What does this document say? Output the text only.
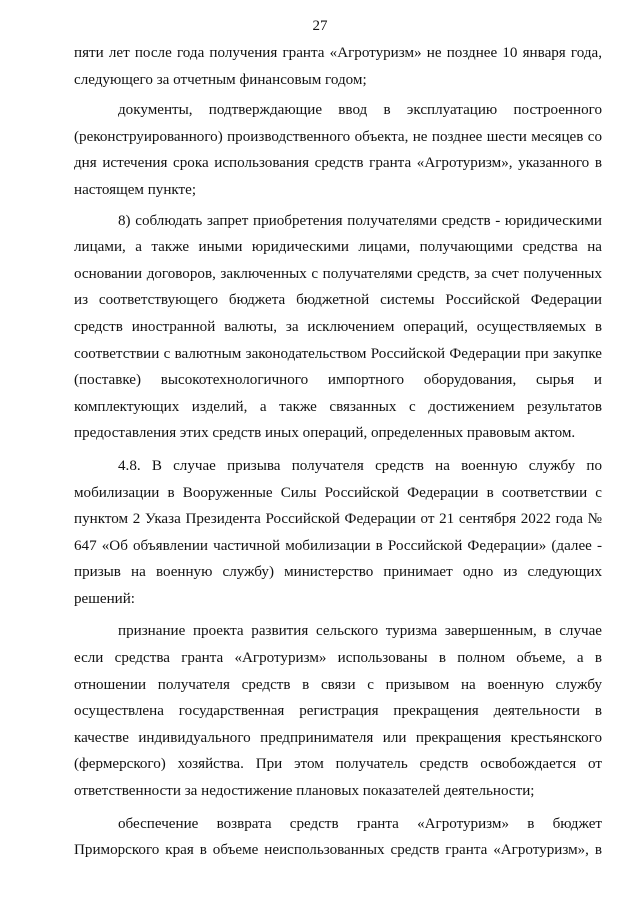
27

пяти лет после года получения гранта «Агротуризм» не позднее 10 января года, следующего за отчетным финансовым годом;

документы, подтверждающие ввод в эксплуатацию построенного (реконструированного) производственного объекта, не позднее шести месяцев со дня истечения срока использования средств гранта «Агротуризм», указанного в настоящем пункте;

8) соблюдать запрет приобретения получателями средств - юридическими лицами, а также иными юридическими лицами, получающими средства на основании договоров, заключенных с получателями средств, за счет полученных из соответствующего бюджета бюджетной системы Российской Федерации средств иностранной валюты, за исключением операций, осуществляемых в соответствии с валютным законодательством Российской Федерации при закупке (поставке) высокотехнологичного импортного оборудования, сырья и комплектующих изделий, а также связанных с достижением результатов предоставления этих средств иных операций, определенных правовым актом.

4.8. В случае призыва получателя средств на военную службу по мобилизации в Вооруженные Силы Российской Федерации в соответствии с пунктом 2 Указа Президента Российской Федерации от 21 сентября 2022 года № 647 «Об объявлении частичной мобилизации в Российской Федерации» (далее - призыв на военную службу) министерство принимает одно из следующих решений:

признание проекта развития сельского туризма завершенным, в случае если средства гранта «Агротуризм» использованы в полном объеме, а в отношении получателя средств в связи с призывом на военную службу осуществлена государственная регистрация прекращения деятельности в качестве индивидуального предпринимателя или прекращения крестьянского (фермерского) хозяйства. При этом получатель средств освобождается от ответственности за недостижение плановых показателей деятельности;

обеспечение возврата средств гранта «Агротуризм» в бюджет Приморского края в объеме неиспользованных средств гранта «Агротуризм», в
